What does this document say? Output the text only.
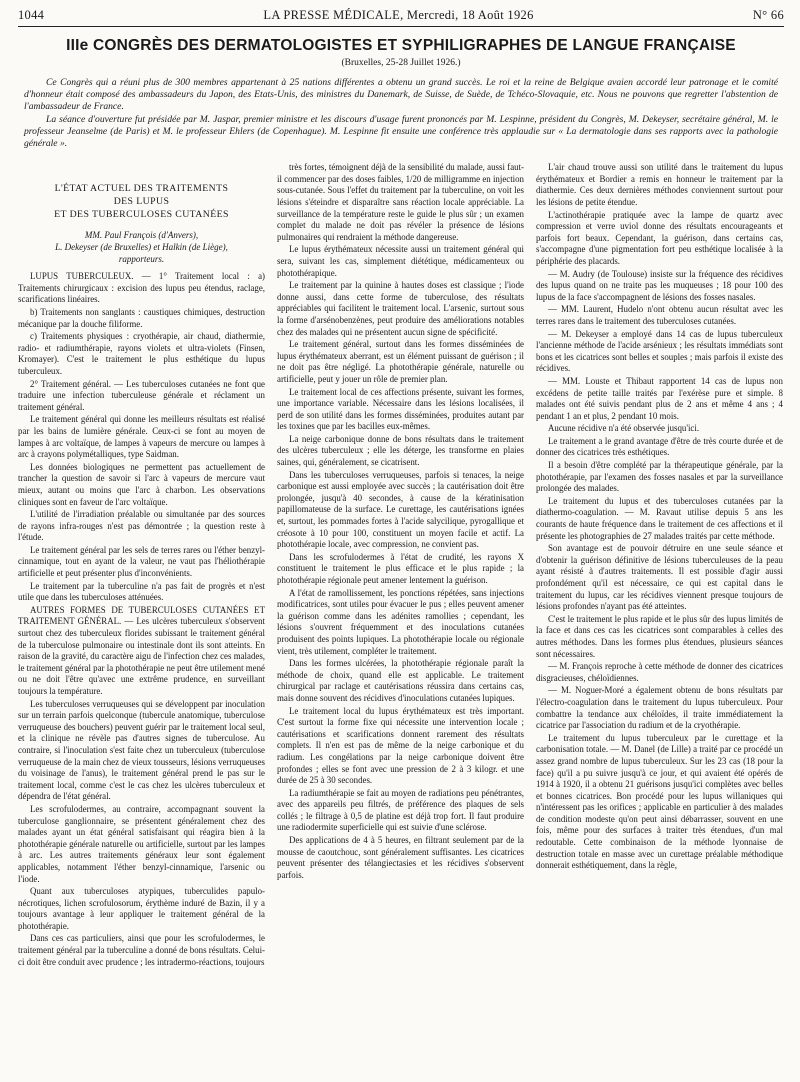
1044	LA PRESSE MÉDICALE, Mercredi, 18 Août 1926	N° 66
IIIe CONGRÈS DES DERMATOLOGISTES ET SYPHILIGRAPHES DE LANGUE FRANÇAISE
(Bruxelles, 25-28 Juillet 1926.)

Ce Congrès qui a réuni plus de 300 membres appartenant à 25 nations différentes a obtenu un grand succès. Le roi et la reine de Belgique avaien accordé leur patronage et le comité d'honneur était composé des ambassadeurs du Japon, des Etats-Unis, des ministres du Danemark, de Suisse, de Suède, de Tchéco-Slovaquie, etc. Nous ne pouvons que regretter l'abstention de l'ambassadeur de France.

La séance d'ouverture fut présidée par M. Jaspar, premier ministre et les discours d'usage furent prononcés par M. Lespinne, président du Congrès, M. Dekeyser, secrétaire général, M. le professeur Jeanselme (de Paris) et M. le professeur Ehlers (de Copenhague). M. Lespinne fit ensuite une conférence très applaudie sur « La dermatologie dans ses rapports avec la pathologie générale ».

L'ÉTAT ACTUEL DES TRAITEMENTS
DES LUPUS
ET DES TUBERCULOSES CUTANÉES
MM. Paul François (d'Anvers),
L. Dekeyser (de Bruxelles) et Halkin (de Liège),
rapporteurs.

LUPUS TUBERCULEUX. — 1° Traitement local : a) Traitements chirurgicaux : excision des lupus peu étendus, raclage, scarifications linéaires.

b) Traitements non sanglants : caustiques chimiques, destruction mécanique par la douche filiforme.

c) Traitements physiques : cryothérapie, air chaud, diathermie, radio- et radiumthérapie, rayons violets et ultra-violets (Finsen, Kromayer). C'est le traitement le plus esthétique du lupus tuberculeux.

2° Traitement général. — Les tuberculoses cutanées ne font que traduire une infection tuberculeuse générale et réclament un traitement général.

Le traitement général qui donne les meilleurs résultats est réalisé par les bains de lumière générale. Ceux-ci se font au moyen de lampes à arc voltaïque, de lampes à vapeurs de mercure ou lampes à arc à crayons polymétalliques, type Saidman.

Les données biologiques ne permettent pas actuellement de trancher la question de savoir si l'arc à vapeurs de mercure vaut mieux, autant ou moins que l'arc à charbon. Les observations cliniques sont en faveur de l'arc voltaïque.

L'utilité de l'irradiation préalable ou simultanée par des sources de rayons infra-rouges n'est pas démontrée ; la question reste à l'étude.

Le traitement général par les sels de terres rares ou l'éther benzyl-cinnamique, tout en ayant de la valeur, ne vaut pas l'héliothérapie artificielle et peut présenter plus d'inconvénients.

Le traitement par la tuberculine n'a pas fait de progrès et n'est utile que dans les tuberculoses atténuées.

AUTRES FORMES DE TUBERCULOSES CUTANÉES ET TRAITEMENT GÉNÉRAL. — Les ulcères tuberculeux s'observent surtout chez des tuberculeux florides subissant le traitement général de la tuberculose pulmonaire ou intestinale dont ils sont atteints. En raison de la gravité, du caractère aigu de l'infection chez ces malades, le traitement général par la photothérapie ne peut être utilement mené ou ne doit l'être qu'avec une extrême prudence, en surveillant toujours la température.

Les tuberculoses verruqueuses qui se développent par inoculation sur un terrain parfois quelconque (tubercule anatomique, tuberculose verruqueuse des bouchers) peuvent guérir par le traitement local seul, et la clinique ne révèle pas d'autres signes de tuberculose. Au contraire, si l'inoculation s'est faite chez un tuberculeux (tuberculose verruqueuse de la main chez de vieux tousseurs, lésions verruqueuses du voisinage de l'anus), le traitement général prend le pas sur le traitement local, comme c'est le cas chez les ulcères tuberculeux et dépendra de l'état général.

Les scrofulodermes, au contraire, accompagnant souvent la tuberculose ganglionnaire, se présentent généralement chez des malades ayant un état général satisfaisant qui réagira bien à la photothérapie générale naturelle ou artificielle, surtout par les lampes à arc. Les autres traitements généraux leur sont également applicables, notamment l'éther benzyl-cinnamique, l'arsenic ou l'iode.

Quant aux tuberculoses atypiques, tuberculides papulo-nécrotiques, lichen scrofulosorum, érythème induré de Bazin, il y a toujours avantage à leur appliquer le traitement général de la photothérapie.

Dans ces cas particuliers, ainsi que pour les scrofulodermes, le traitement général par la tuberculine a donné de bons résultats. Celui-ci doit être conduit avec prudence ; les intradermo-réactions, toujours

très fortes, témoignent déjà de la sensibilité du malade, aussi faut-il commencer par des doses faibles, 1/20 de milligramme en injection sous-cutanée. Sous l'effet du traitement par la tuberculine, on voit les lésions s'éteindre et disparaître sans réaction locale appréciable. La surveillance de la température reste le guide le plus sûr ; un examen complet du malade ne doit pas révéler la présence de lésions pulmonaires qui rendraient la méthode dangereuse.

Le lupus érythémateux nécessite aussi un traitement général qui sera, suivant les cas, simplement diététique, médicamenteux ou photothérapique.

Le traitement par la quinine à hautes doses est classique ; l'iode donne aussi, dans cette forme de tuberculose, des résultats appréciables qui facilitent le traitement local. L'arsenic, surtout sous la forme d'arsénobenzènes, peut produire des améliorations notables chez des malades qui ne présentent aucun signe de spécificité.

Le traitement général, surtout dans les formes disséminées de lupus érythémateux aberrant, est un élément puissant de guérison ; il ne doit pas être négligé. La photothérapie générale, naturelle ou artificielle, peut y jouer un rôle de premier plan.

Le traitement local de ces affections présente, suivant les formes, une importance variable. Nécessaire dans les lésions localisées, il perd de son utilité dans les formes disséminées, produites autant par les toxines que par les bacilles eux-mêmes.

La neige carbonique donne de bons résultats dans le traitement des ulcères tuberculeux ; elle les déterge, les transforme en plaies saines, qui, généralement, se cicatrisent.

Dans les tuberculoses verruqueuses, parfois si tenaces, la neige carbonique est aussi employée avec succès ; la cautérisation doit être prolongée, jusqu'à 40 secondes, à cause de la kératinisation papillomateuse de la surface. Le curettage, les cautérisations ignées et, surtout, les pommades fortes à l'acide salycilique, pyrogallique et créosote à 10 pour 100, constituent un moyen facile et actif. La photothérapie locale, avec compression, ne convient pas.

Dans les scrofulodermes à l'état de crudité, les rayons X constituent le traitement le plus efficace et le plus rapide ; la photothérapie régionale peut amener lentement la guérison.

A l'état de ramollissement, les ponctions répétées, sans injections modificatrices, sont utiles pour évacuer le pus ; elles peuvent amener la guérison comme dans les adénites ramollies ; cependant, les lésions s'ouvrent fréquemment et des inoculations cutanées produisent des points lupiques. La photothérapie locale ou régionale vient, très utilement, compléter le traitement.

Dans les formes ulcérées, la photothérapie régionale paraît la méthode de choix, quand elle est applicable. Le traitement chirurgical par raclage et cautérisations réussira dans certains cas, mais donne souvent des récidives d'inoculations cutanées lupiques.

Le traitement local du lupus érythémateux est très important. C'est surtout la forme fixe qui nécessite une intervention locale ; cautérisations et scarifications donnent rarement des résultats complets. Il n'en est pas de même de la neige carbonique et du radium. Les congélations par la neige carbonique doivent être profondes ; elles se font avec une pression de 2 à 3 kilogr. et une durée de 25 à 30 secondes.

La radiumthérapie se fait au moyen de radiations peu pénétrantes, avec des appareils peu filtrés, de préférence des plaques de sels collés ; le filtrage à 0,5 de platine est déjà trop fort. Il faut produire une radiodermite superficielle qui est suivie d'une sclérose.

Des applications de 4 à 5 heures, en filtrant seulement par de la mousse de caoutchouc, sont généralement suffisantes. Les cicatrices peuvent présenter des télangiectasies et les récidives s'observent parfois.

L'air chaud trouve aussi son utilité dans le traitement du lupus érythémateux et Bordier a remis en honneur le traitement par la diathermie. Ces deux dernières méthodes conviennent surtout pour les lésions de petite étendue.

L'actinothérapie pratiquée avec la lampe de quartz avec compression et verre uviol donne des résultats encourageants et parfois fort beaux. Cependant, la guérison, dans certains cas, s'accompagne d'une pigmentation fort peu esthétique localisée à la périphérie des placards.

— M. Audry (de Toulouse) insiste sur la fréquence des récidives des lupus quand on ne traite pas les muqueuses ; 18 pour 100 des lupus de la face s'accompagnent de lésions des fosses nasales.

— MM. Laurent, Hudelo n'ont obtenu aucun résultat avec les terres rares dans le traitement des tuberculoses cutanées.

— M. Dekeyser a employé dans 14 cas de lupus tuberculeux l'ancienne méthode de l'acide arsénieux ; les résultats immédiats sont bons et les cicatrices sont belles et souples ; mais parfois il existe des récidives.

— MM. Louste et Thibaut rapportent 14 cas de lupus non excédens de petite taille traités par l'exérèse pure et simple. 8 malades ont été suivis pendant plus de 2 ans et même 4 ans ; 4 pendant 1 an et plus, 2 pendant 10 mois.

Aucune récidive n'a été observée jusqu'ici.

Le traitement a le grand avantage d'être de très courte durée et de donner des cicatrices très esthétiques.

Il a besoin d'être complété par la thérapeutique générale, par la photothérapie, par l'examen des fosses nasales et par la surveillance prolongée des malades.

Le traitement du lupus et des tuberculoses cutanées par la diathermo-coagulation. — M. Ravaut utilise depuis 5 ans les courants de haute fréquence dans le traitement de ces affections et il présente les photographies de 27 malades traités par cette méthode.

Son avantage est de pouvoir détruire en une seule séance et d'obtenir la guérison définitive de lésions tuberculeuses de la peau ayant résisté à d'autres traitements. Il est possible d'agir aussi profondément qu'il est nécessaire, ce qui est capital dans le traitement du lupus, car les récidives viennent presque toujours de lésions profondes n'ayant pas été atteintes.

C'est le traitement le plus rapide et le plus sûr des lupus limités de la face et dans ces cas les cicatrices sont comparables à celles des autres méthodes. Dans les formes plus étendues, plusieurs séances sont nécessaires.

— M. François reproche à cette méthode de donner des cicatrices disgracieuses, chéloïdiennes.

— M. Noguer-Moré a également obtenu de bons résultats par l'électro-coagulation dans le traitement du lupus tuberculeux. Pour combattre la tendance aux chéloïdes, il traite immédiatement la cicatrice par l'association du radium et de la cryothérapie.

Le traitement du lupus tuberculeux par le curettage et la carbonisation totale. — M. Danel (de Lille) a traité par ce procédé un assez grand nombre de lupus tuberculeux. Sur les 23 cas (18 pour la face) qu'il a pu suivre jusqu'à ce jour, et qui avaient été opérés de 1914 à 1920, il a obtenu 21 guérisons jusqu'ici complètes avec belles et bonnes cicatrices. Bon procédé pour les lupus willaniques qui n'intéressent pas les orifices ; applicable en particulier à des malades de condition modeste qu'on peut ainsi débarrasser, souvent en une fois, même pour des surfaces à traiter très étendues, d'un mal redoutable. Cette combinaison de la méthode lyonnaise de destruction totale en masse avec un curettage préalable méthodique donnerait esthétiquement, dans la règle,
